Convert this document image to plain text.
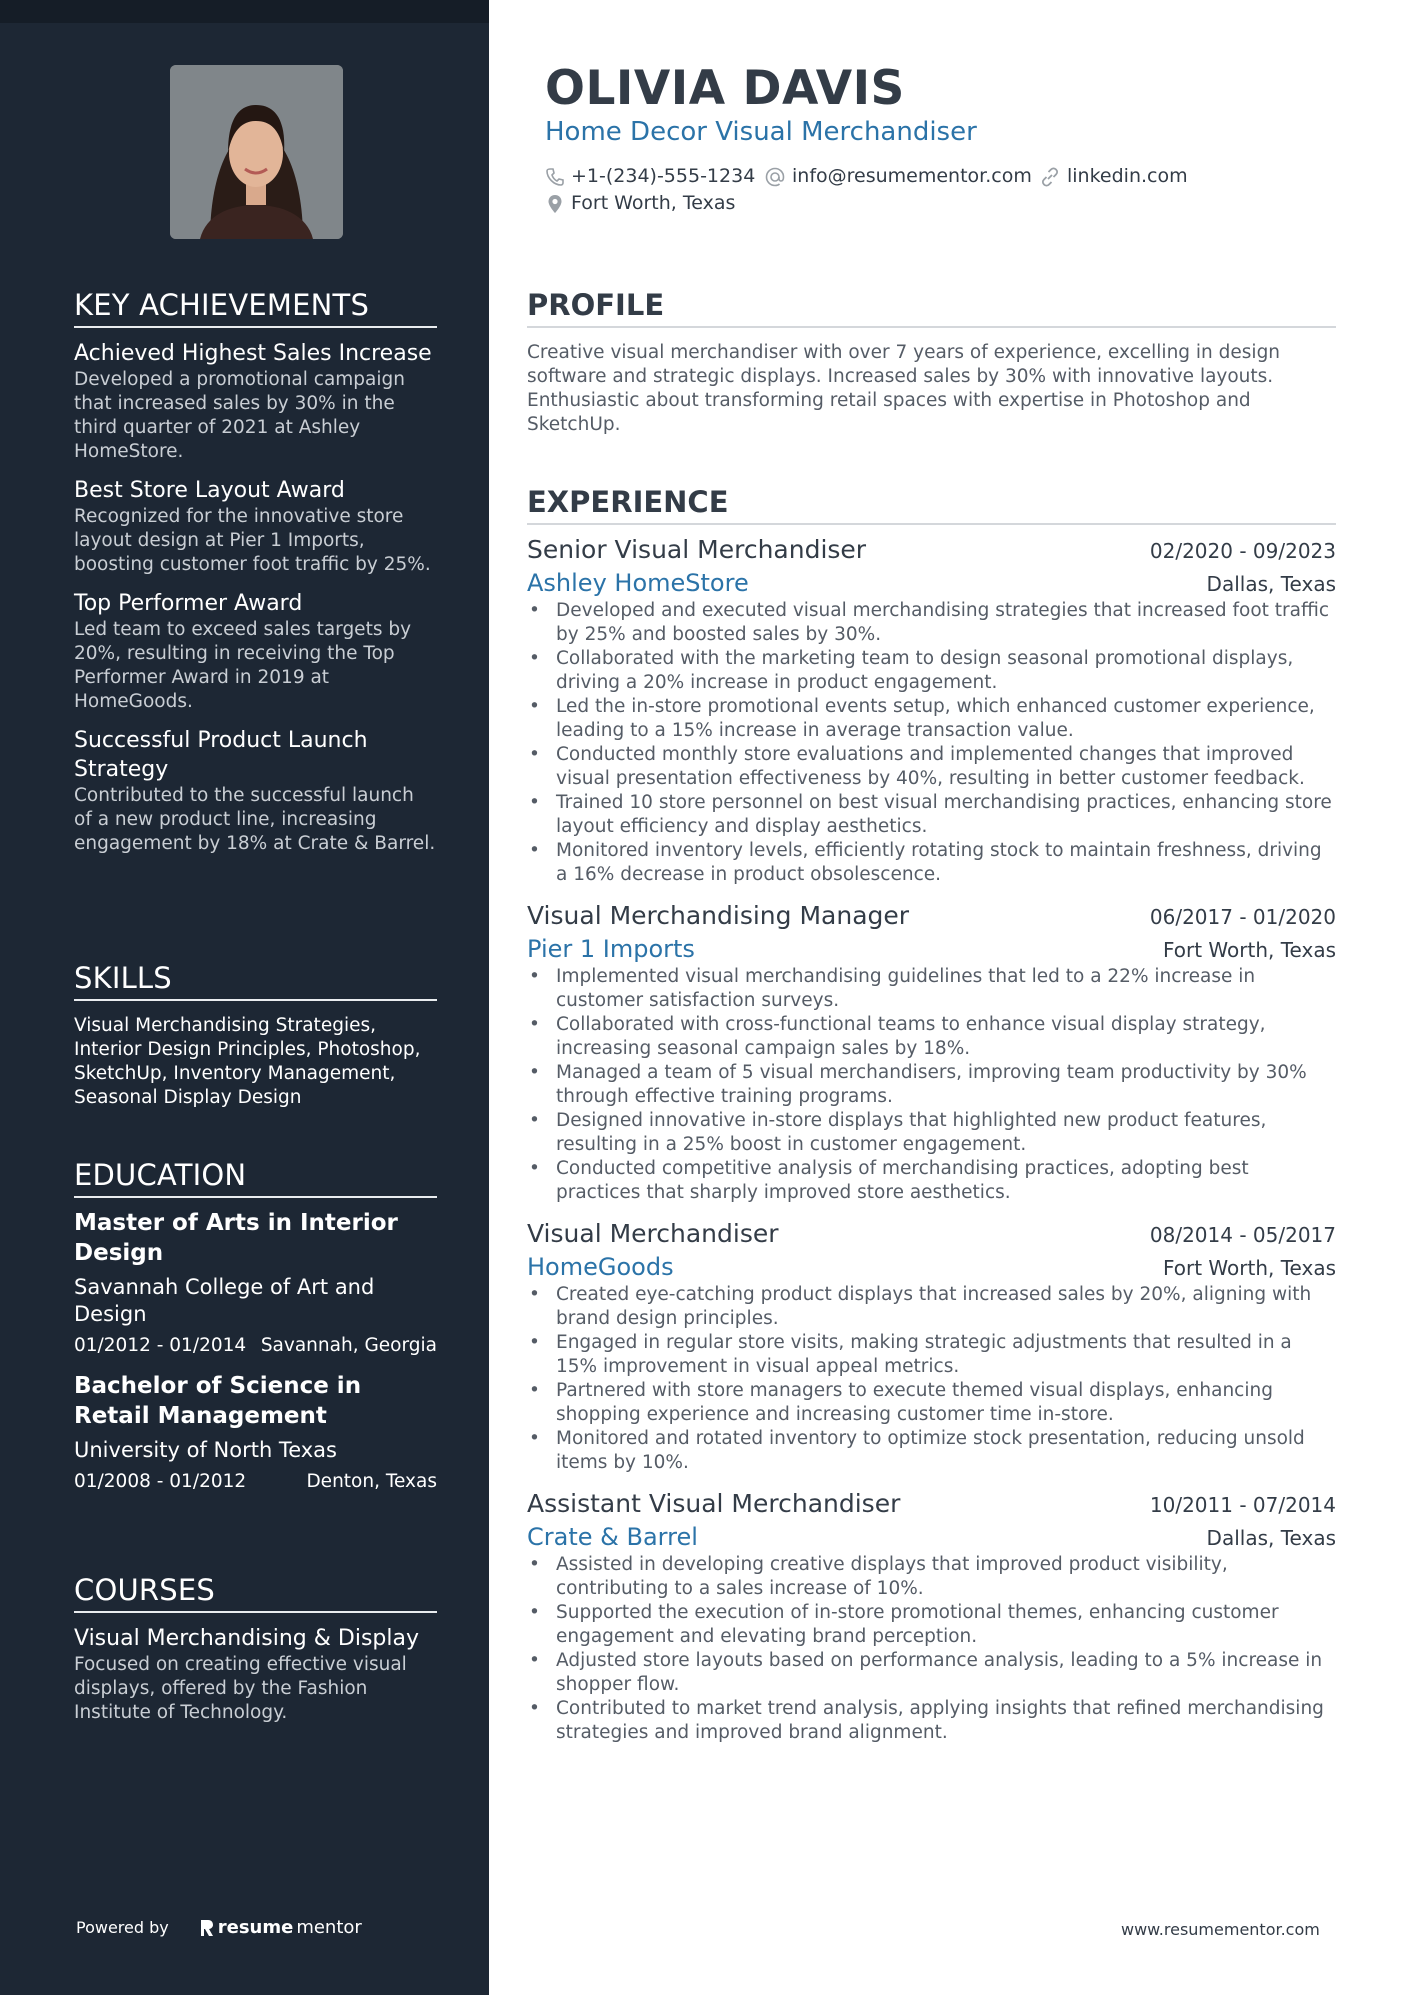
KEY ACHIEVEMENTS
Achieved Highest Sales Increase
Developed a promotional campaign that increased sales by 30% in the third quarter of 2021 at Ashley HomeStore.
Best Store Layout Award
Recognized for the innovative store layout design at Pier 1 Imports, boosting customer foot traffic by 25%.
Top Performer Award
Led team to exceed sales targets by 20%, resulting in receiving the Top Performer Award in 2019 at HomeGoods.
Successful Product Launch Strategy
Contributed to the successful launch of a new product line, increasing engagement by 18% at Crate & Barrel.
SKILLS
Visual Merchandising Strategies, Interior Design Principles, Photoshop, SketchUp, Inventory Management, Seasonal Display Design
EDUCATION
Master of Arts in Interior Design
Savannah College of Art and Design
01/2012 - 01/2014 Savannah, Georgia
Bachelor of Science in Retail Management
University of North Texas
01/2008 - 01/2012	Denton, Texas
COURSES
Visual Merchandising & Display
Focused on creating effective visual displays, offered by the Fashion Institute of Technology.
Powered by	resume mentor
OLIVIA DAVIS
Home Decor Visual Merchandiser
+1-(234)-555-1234 info@resumementor.com linkedin.com
Fort Worth, Texas
PROFILE
Creative visual merchandiser with over 7 years of experience, excelling in design software and strategic displays. Increased sales by 30% with innovative layouts. Enthusiastic about transforming retail spaces with expertise in Photoshop and SketchUp.
EXPERIENCE
Senior Visual Merchandiser	02/2020 - 09/2023
Ashley HomeStore	Dallas, Texas
• Developed and executed visual merchandising strategies that increased foot traffic by 25% and boosted sales by 30%.
• Collaborated with the marketing team to design seasonal promotional displays, driving a 20% increase in product engagement.
• Led the in-store promotional events setup, which enhanced customer experience, leading to a 15% increase in average transaction value.
• Conducted monthly store evaluations and implemented changes that improved visual presentation effectiveness by 40%, resulting in better customer feedback.
• Trained 10 store personnel on best visual merchandising practices, enhancing store layout efficiency and display aesthetics.
• Monitored inventory levels, efficiently rotating stock to maintain freshness, driving a 16% decrease in product obsolescence.
Visual Merchandising Manager	06/2017 - 01/2020
Pier 1 Imports	Fort Worth, Texas
• Implemented visual merchandising guidelines that led to a 22% increase in customer satisfaction surveys.
• Collaborated with cross-functional teams to enhance visual display strategy, increasing seasonal campaign sales by 18%.
• Managed a team of 5 visual merchandisers, improving team productivity by 30% through effective training programs.
• Designed innovative in-store displays that highlighted new product features, resulting in a 25% boost in customer engagement.
• Conducted competitive analysis of merchandising practices, adopting best practices that sharply improved store aesthetics.
Visual Merchandiser	08/2014 - 05/2017
HomeGoods	Fort Worth, Texas
• Created eye-catching product displays that increased sales by 20%, aligning with brand design principles.
• Engaged in regular store visits, making strategic adjustments that resulted in a 15% improvement in visual appeal metrics.
• Partnered with store managers to execute themed visual displays, enhancing shopping experience and increasing customer time in-store.
• Monitored and rotated inventory to optimize stock presentation, reducing unsold items by 10%.
Assistant Visual Merchandiser	10/2011 - 07/2014
Crate & Barrel	Dallas, Texas
• Assisted in developing creative displays that improved product visibility, contributing to a sales increase of 10%.
• Supported the execution of in-store promotional themes, enhancing customer engagement and elevating brand perception.
• Adjusted store layouts based on performance analysis, leading to a 5% increase in shopper flow.
• Contributed to market trend analysis, applying insights that refined merchandising strategies and improved brand alignment.
www.resumementor.com
